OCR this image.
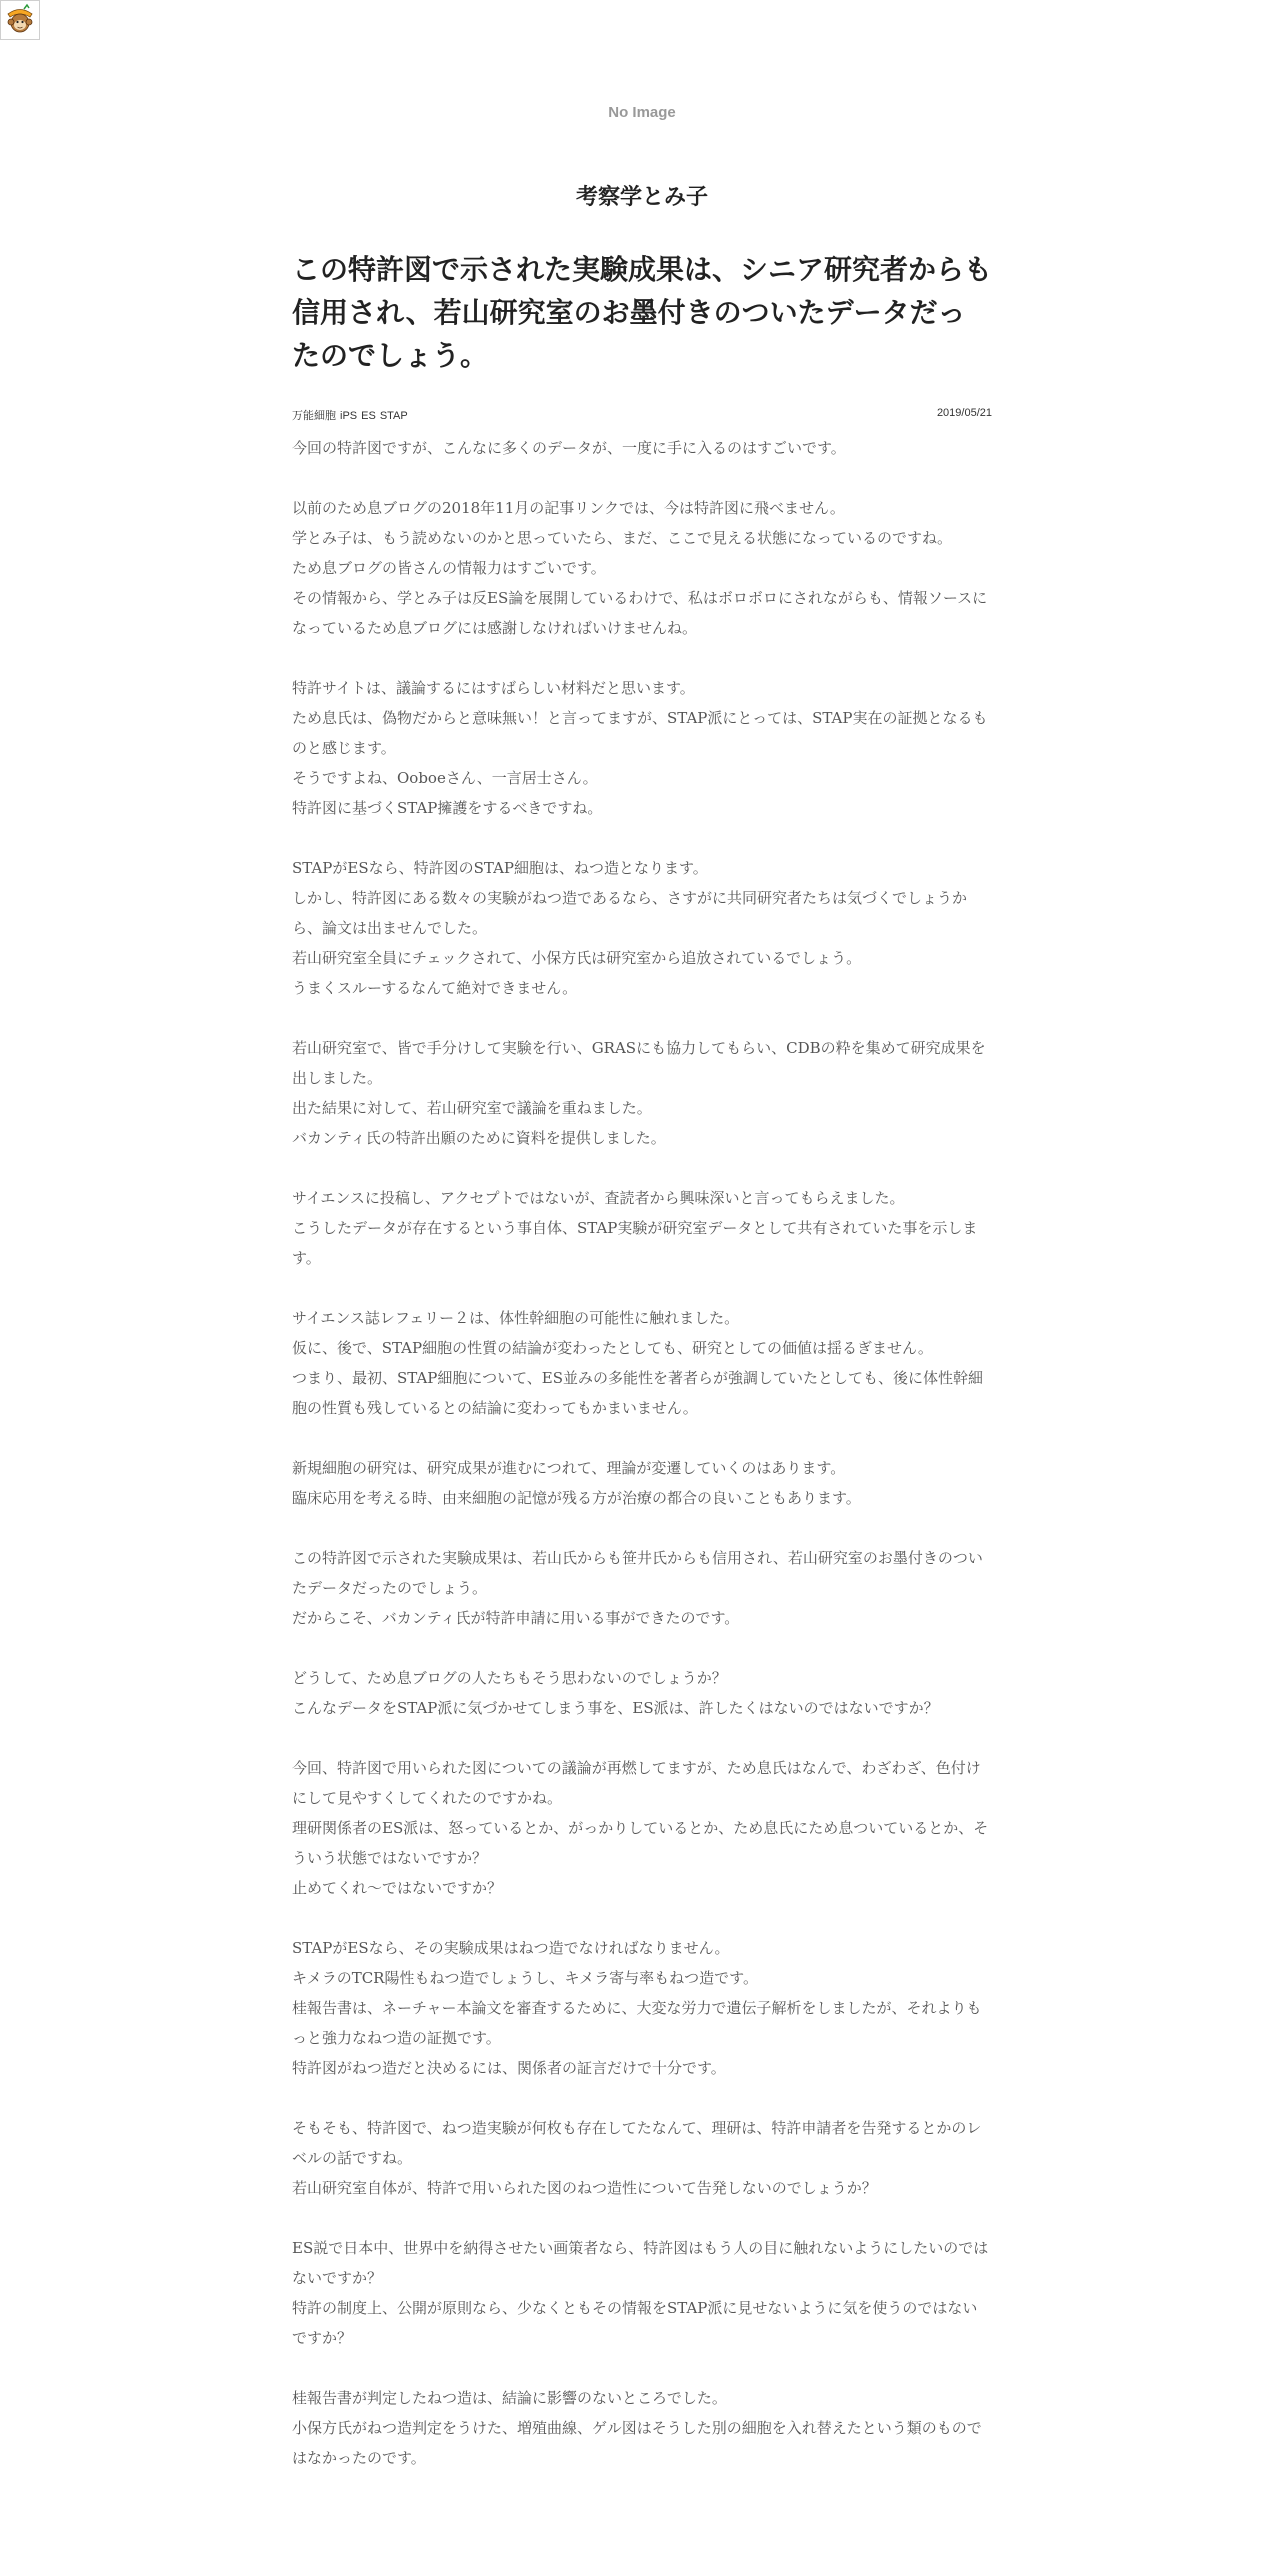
No Image
考察学とみ子
この特許図で示された実験成果は、シニア研究者からも信用され、若山研究室のお墨付きのついたデータだったのでしょう。
万能細胞 iPS ES STAP	2019/05/21

今回の特許図ですが、こんなに多くのデータが、一度に手に入るのはすごいです。

以前のため息ブログの2018年11月の記事リンクでは、今は特許図に飛べません。
学とみ子は、もう読めないのかと思っていたら、まだ、ここで見える状態になっているのですね。
ため息ブログの皆さんの情報力はすごいです。
その情報から、学とみ子は反ES論を展開しているわけで、私はボロボロにされながらも、情報ソースになっているため息ブログには感謝しなければいけませんね。

特許サイトは、議論するにはすばらしい材料だと思います。
ため息氏は、偽物だからと意味無い！と言ってますが、STAP派にとっては、STAP実在の証拠となるものと感じます。
そうですよね、Ooboeさん、一言居士さん。
特許図に基づくSTAP擁護をするべきですね。

STAPがESなら、特許図のSTAP細胞は、ねつ造となります。
しかし、特許図にある数々の実験がねつ造であるなら、さすがに共同研究者たちは気づくでしょうから、論文は出ませんでした。
若山研究室全員にチェックされて、小保方氏は研究室から追放されているでしょう。
うまくスルーするなんて絶対できません。

若山研究室で、皆で手分けして実験を行い、GRASにも協力してもらい、CDBの粋を集めて研究成果を出しました。
出た結果に対して、若山研究室で議論を重ねました。
バカンティ氏の特許出願のために資料を提供しました。

サイエンスに投稿し、アクセプトではないが、査読者から興味深いと言ってもらえました。
こうしたデータが存在するという事自体、STAP実験が研究室データとして共有されていた事を示します。

サイエンス誌レフェリー２は、体性幹細胞の可能性に触れました。
仮に、後で、STAP細胞の性質の結論が変わったとしても、研究としての価値は揺るぎません。
つまり、最初、STAP細胞について、ES並みの多能性を著者らが強調していたとしても、後に体性幹細胞の性質も残しているとの結論に変わってもかまいません。

新規細胞の研究は、研究成果が進むにつれて、理論が変遷していくのはあります。
臨床応用を考える時、由来細胞の記憶が残る方が治療の都合の良いこともあります。

この特許図で示された実験成果は、若山氏からも笹井氏からも信用され、若山研究室のお墨付きのついたデータだったのでしょう。
だからこそ、バカンティ氏が特許申請に用いる事ができたのです。

どうして、ため息ブログの人たちもそう思わないのでしょうか？
こんなデータをSTAP派に気づかせてしまう事を、ES派は、許したくはないのではないですか？

今回、特許図で用いられた図についての議論が再燃してますが、ため息氏はなんで、わざわざ、色付けにして見やすくしてくれたのですかね。
理研関係者のES派は、怒っているとか、がっかりしているとか、ため息氏にため息ついているとか、そういう状態ではないですか？
止めてくれ～ではないですか？

STAPがESなら、その実験成果はねつ造でなければなりません。
キメラのTCR陽性もねつ造でしょうし、キメラ寄与率もねつ造です。
桂報告書は、ネーチャー本論文を審査するために、大変な労力で遺伝子解析をしましたが、それよりもっと強力なねつ造の証拠です。
特許図がねつ造だと決めるには、関係者の証言だけで十分です。

そもそも、特許図で、ねつ造実験が何枚も存在してたなんて、理研は、特許申請者を告発するとかのレベルの話ですね。
若山研究室自体が、特許で用いられた図のねつ造性について告発しないのでしょうか？

ES説で日本中、世界中を納得させたい画策者なら、特許図はもう人の目に触れないようにしたいのではないですか？
特許の制度上、公開が原則なら、少なくともその情報をSTAP派に見せないように気を使うのではないですか？

桂報告書が判定したねつ造は、結論に影響のないところでした。
小保方氏がねつ造判定をうけた、増殖曲線、ゲル図はそうした別の細胞を入れ替えたという類のものではなかったのです。
